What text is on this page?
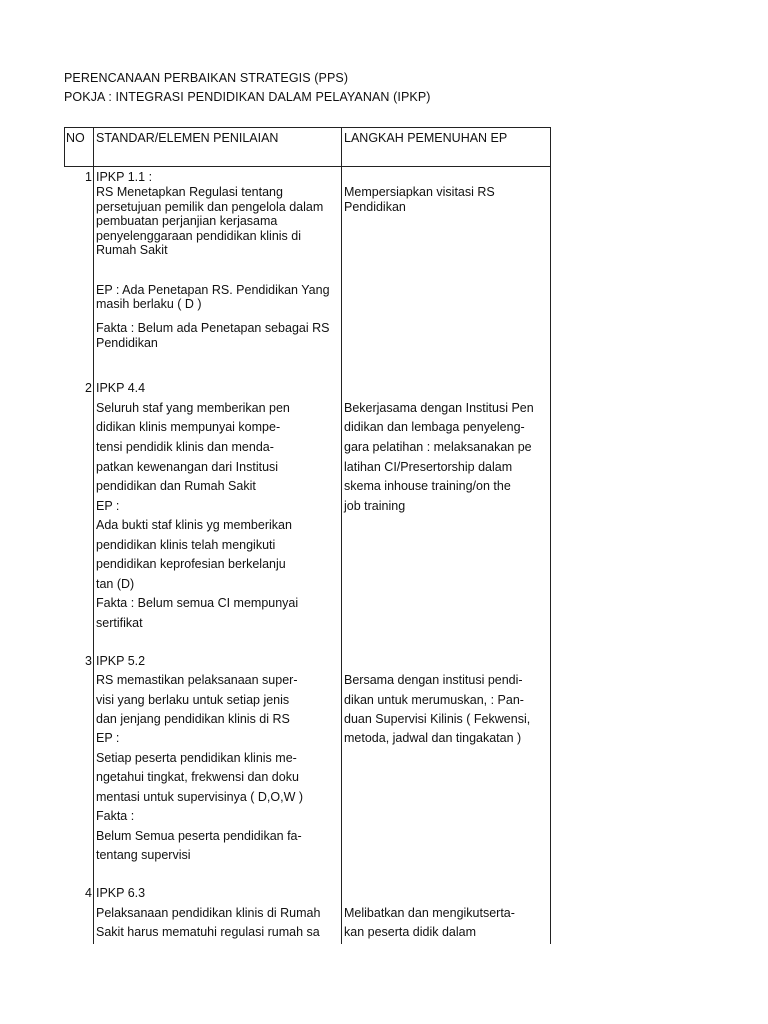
PERENCANAAN PERBAIKAN STRATEGIS (PPS)
POKJA : INTEGRASI PENDIDIKAN DALAM PELAYANAN (IPKP)
NO STANDAR/ELEMEN PENILAIAN	LANGKAH PEMENUHAN EP
1 IPKP 1.1 :
RS Menetapkan Regulasi tentang
persetujuan pemilik dan pengelola dalam
pembuatan perjanjian kerjasama
penyelenggaraan pendidikan klinis di
Rumah Sakit
EP : Ada Penetapan RS. Pendidikan Yang
masih berlaku ( D )
Fakta : Belum ada Penetapan sebagai RS
Pendidikan
Mempersiapkan visitasi RS
Pendidikan
2 IPKP 4.4
Seluruh staf yang memberikan pen
didikan klinis mempunyai kompe-
tensi pendidik klinis dan menda-
patkan kewenangan dari Institusi
pendidikan dan Rumah Sakit
EP :
Ada bukti staf klinis yg memberikan
pendidikan klinis telah mengikuti
pendidikan keprofesian berkelanju
tan (D)
Fakta : Belum semua CI mempunyai
sertifikat
Bekerjasama dengan Institusi Pen
didikan dan lembaga penyeleng-
gara pelatihan : melaksanakan pe
latihan CI/Presertorship dalam
skema inhouse training/on the
job training
3 IPKP 5.2
RS memastikan pelaksanaan super-
visi yang berlaku untuk setiap jenis
dan jenjang pendidikan klinis di RS
EP :
Setiap peserta pendidikan klinis me-
ngetahui tingkat, frekwensi dan doku
mentasi untuk supervisinya ( D,O,W )
Fakta :
Belum Semua peserta pendidikan fa-
tentang supervisi
Bersama dengan institusi pendi-
dikan untuk merumuskan, : Pan-
duan Supervisi Kilinis ( Fekwensi,
metoda, jadwal dan tingakatan )
4 IPKP 6.3
Pelaksanaan pendidikan klinis di Rumah
Sakit harus mematuhi regulasi rumah sa
Melibatkan dan mengikutserta-
kan peserta didik dalam
